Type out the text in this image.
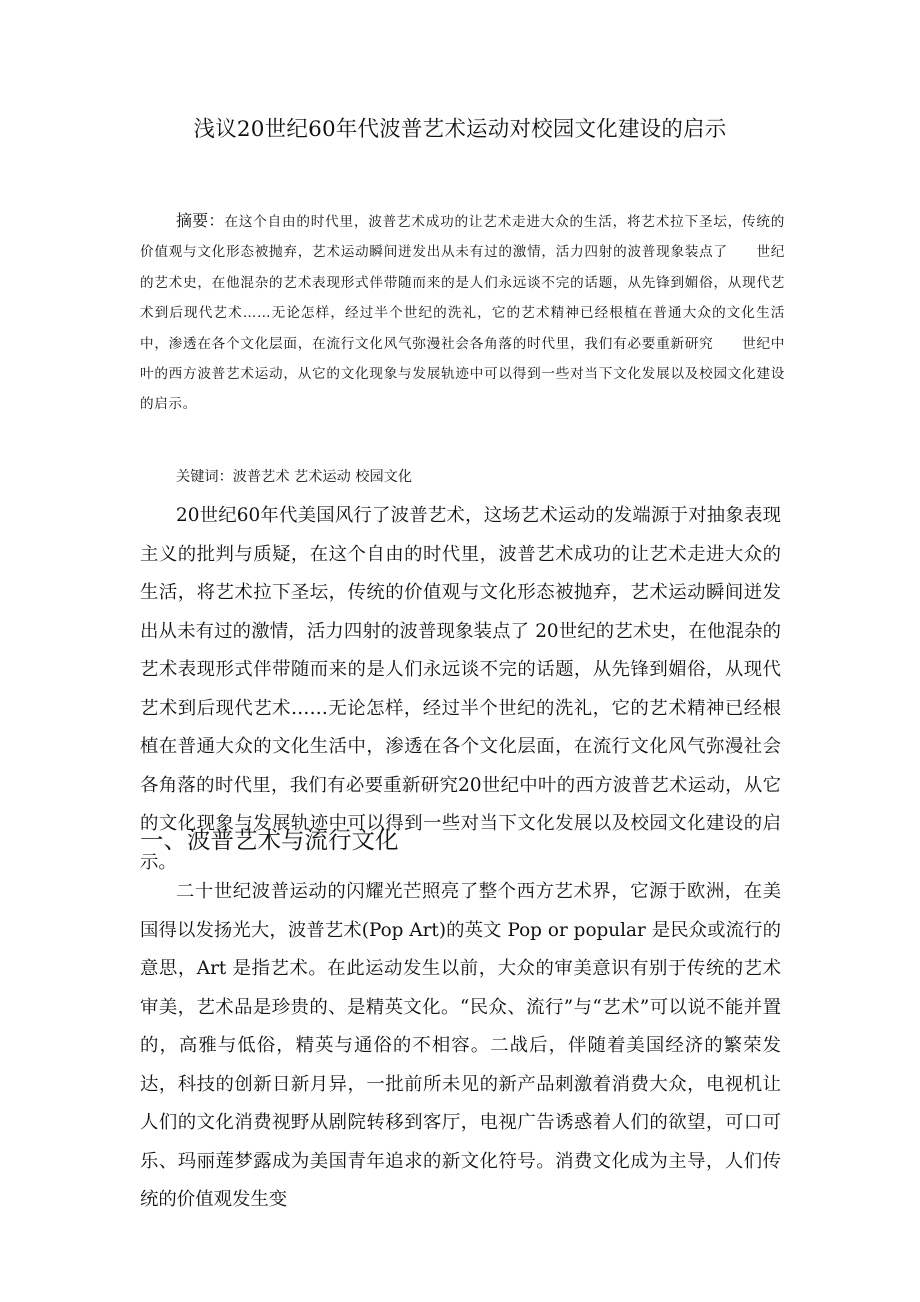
浅议20世纪60年代波普艺术运动对校园文化建设的启示
摘要：在这个自由的时代里，波普艺术成功的让艺术走进大众的生活，将艺术拉下圣坛，传统的价值观与文化形态被抛弃，艺术运动瞬间迸发出从未有过的激情，活力四射的波普现象装点了　　世纪的艺术史，在他混杂的艺术表现形式伴带随而来的是人们永远谈不完的话题，从先锋到媚俗，从现代艺术到后现代艺术……无论怎样，经过半个世纪的洗礼，它的艺术精神已经根植在普通大众的文化生活中，渗透在各个文化层面，在流行文化风气弥漫社会各角落的时代里，我们有必要重新研究　　世纪中叶的西方波普艺术运动，从它的文化现象与发展轨迹中可以得到一些对当下文化发展以及校园文化建设的启示。
关键词：波普艺术 艺术运动 校园文化
20世纪60年代美国风行了波普艺术，这场艺术运动的发端源于对抽象表现主义的批判与质疑，在这个自由的时代里，波普艺术成功的让艺术走进大众的生活，将艺术拉下圣坛，传统的价值观与文化形态被抛弃，艺术运动瞬间迸发出从未有过的激情，活力四射的波普现象装点了 20世纪的艺术史，在他混杂的艺术表现形式伴带随而来的是人们永远谈不完的话题，从先锋到媚俗，从现代艺术到后现代艺术……无论怎样，经过半个世纪的洗礼，它的艺术精神已经根植在普通大众的文化生活中，渗透在各个文化层面，在流行文化风气弥漫社会各角落的时代里，我们有必要重新研究20世纪中叶的西方波普艺术运动，从它的文化现象与发展轨迹中可以得到一些对当下文化发展以及校园文化建设的启示。
一、波普艺术与流行文化
二十世纪波普运动的闪耀光芒照亮了整个西方艺术界，它源于欧洲，在美国得以发扬光大，波普艺术(Pop Art)的英文 Pop or popular 是民众或流行的意思，Art 是指艺术。在此运动发生以前，大众的审美意识有别于传统的艺术审美，艺术品是珍贵的、是精英文化。“民众、流行”与“艺术”可以说不能并置的，高雅与低俗，精英与通俗的不相容。二战后，伴随着美国经济的繁荣发达，科技的创新日新月异，一批前所未见的新产品刺激着消费大众，电视机让人们的文化消费视野从剧院转移到客厅，电视广告诱惑着人们的欲望，可口可乐、玛丽莲梦露成为美国青年追求的新文化符号。消费文化成为主导，人们传统的价值观发生变
